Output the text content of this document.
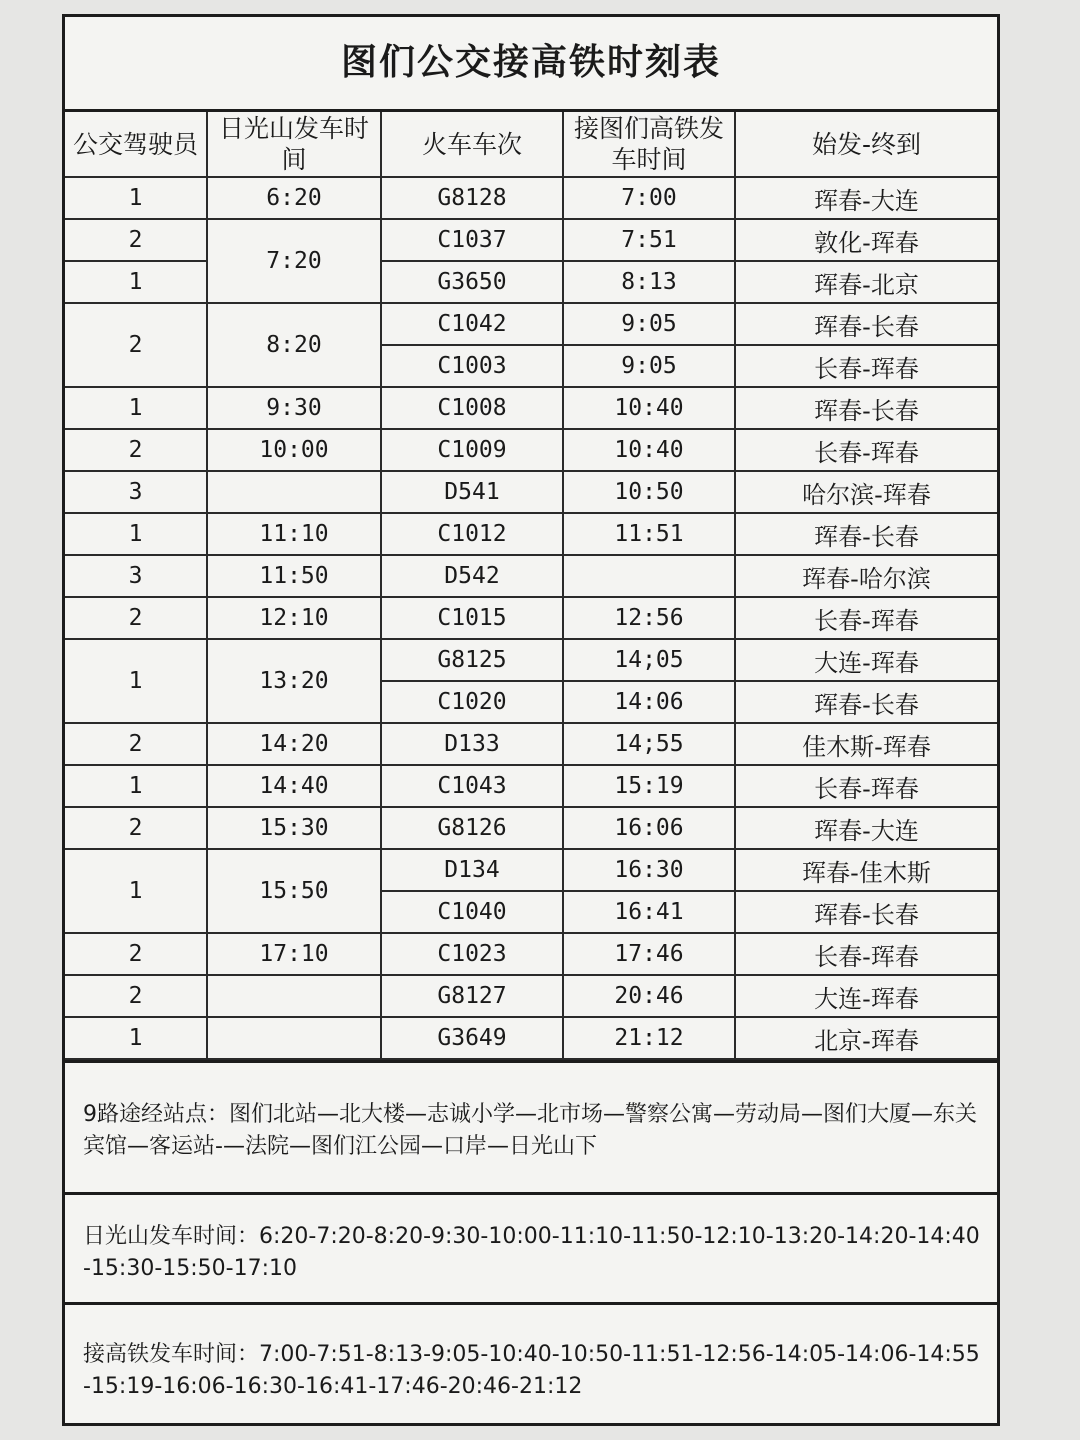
图们公交接高铁时刻表
公交驾驶员	日光山发车时间	火车车次	接图们高铁发车时间	始发-终到
1	6:20	G8128	7:00	珲春-大连
2	7:20	C1037	7:51	敦化-珲春
1		G3650	8:13	珲春-北京
2	8:20	C1042	9:05	珲春-长春
		C1003	9:05	长春-珲春
1	9:30	C1008	10:40	珲春-长春
2	10:00	C1009	10:40	长春-珲春
3		D541	10:50	哈尔滨-珲春
1	11:10	C1012	11:51	珲春-长春
3	11:50	D542		珲春-哈尔滨
2	12:10	C1015	12:56	长春-珲春
1	13:20	G8125	14;05	大连-珲春
		C1020	14:06	珲春-长春
2	14:20	D133	14;55	佳木斯-珲春
1	14:40	C1043	15:19	长春-珲春
2	15:30	G8126	16:06	珲春-大连
1	15:50	D134	16:30	珲春-佳木斯
		C1040	16:41	珲春-长春
2	17:10	C1023	17:46	长春-珲春
2		G8127	20:46	大连-珲春
1		G3649	21:12	北京-珲春
9路途经站点：图们北站—北大楼—志诚小学—北市场—警察公寓—劳动局—图们大厦—东关宾馆—客运站-—法院—图们江公园—口岸—日光山下
日光山发车时间：6:20-7:20-8:20-9:30-10:00-11:10-11:50-12:10-13:20-14:20-14:40-15:30-15:50-17:10
接高铁发车时间：7:00-7:51-8:13-9:05-10:40-10:50-11:51-12:56-14:05-14:06-14:55-15:19-16:06-16:30-16:41-17:46-20:46-21:12
